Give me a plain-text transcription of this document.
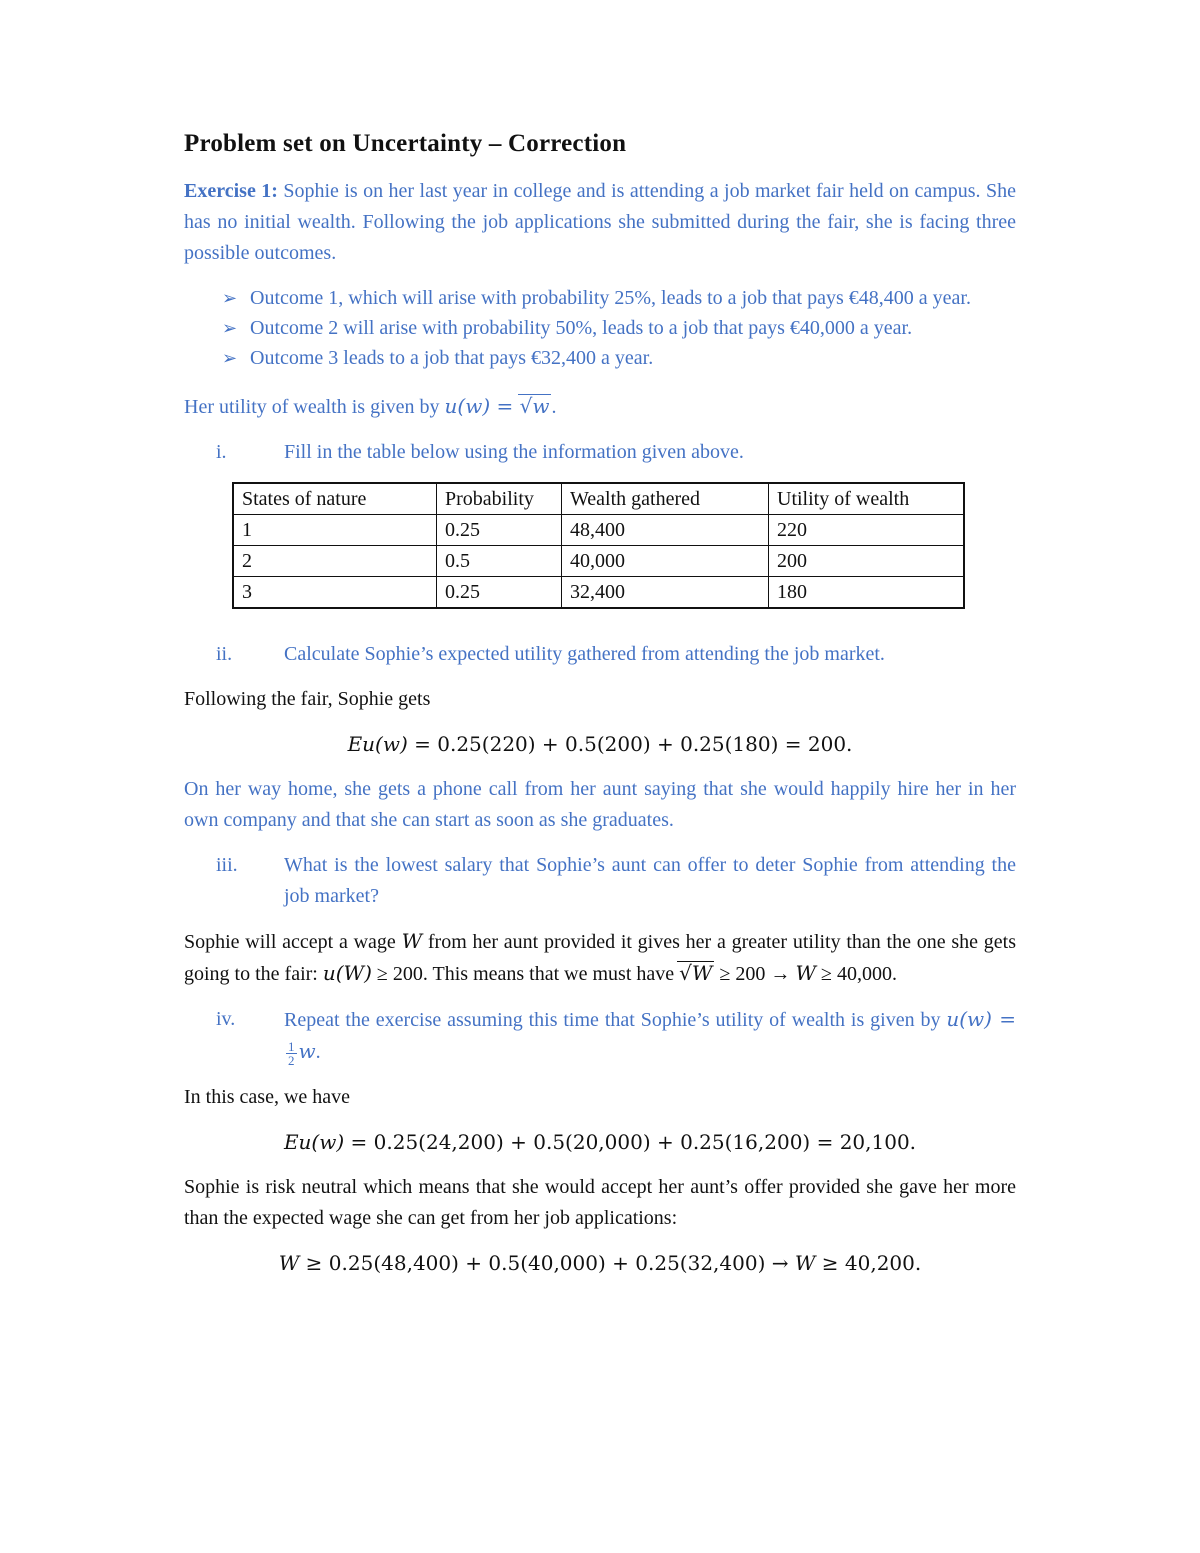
Problem set on Uncertainty – Correction

Exercise 1: Sophie is on her last year in college and is attending a job market fair held on campus. She has no initial wealth. Following the job applications she submitted during the fair, she is facing three possible outcomes.

➢ Outcome 1, which will arise with probability 25%, leads to a job that pays €48,400 a year.
➢ Outcome 2 will arise with probability 50%, leads to a job that pays €40,000 a year.
➢ Outcome 3 leads to a job that pays €32,400 a year.

Her utility of wealth is given by u(w) = √w .

i.	Fill in the table below using the information given above.
States of nature	Probability	Wealth gathered	Utility of wealth
1	0.25	48,400	220
2	0.5	40,000	200
3	0.25	32,400	180
ii.	Calculate Sophie’s expected utility gathered from attending the job market.

Following the fair, Sophie gets

Eu(w) = 0.25(220) + 0.5(200) + 0.25(180) = 200.

On her way home, she gets a phone call from her aunt saying that she would happily hire her in her own company and that she can start as soon as she graduates.

iii.	What is the lowest salary that Sophie’s aunt can offer to deter Sophie from attending the job market?

Sophie will accept a wage W from her aunt provided it gives her a greater utility than the one she gets going to the fair: u(W) ≥ 200. This means that we must have √W ≥ 200 → W ≥ 40,000.

iv.	Repeat the exercise assuming this time that Sophie’s utility of wealth is given by u(w) =
$\frac{1}{2} w$.

In this case, we have

Eu(w) = 0.25(24,200) + 0.5(20,000) + 0.25(16,200) = 20,100.

Sophie is risk neutral which means that she would accept her aunt’s offer provided she gave her more than the expected wage she can get from her job applications:

W ≥ 0.25(48,400) + 0.5(40,000) + 0.25(32,400) → W ≥ 40,200.
